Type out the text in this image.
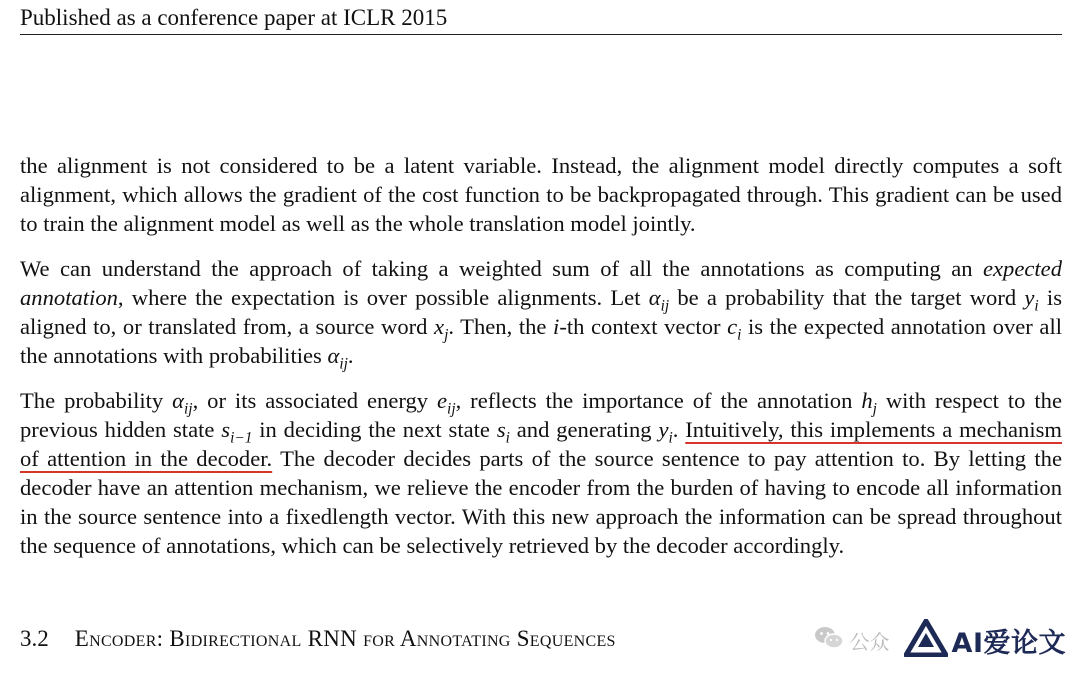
Published as a conference paper at ICLR 2015

the alignment is not considered to be a latent variable. Instead, the alignment model directly computes a soft alignment, which allows the gradient of the cost function to be backpropagated through. This gradient can be used to train the alignment model as well as the whole translation model jointly.

We can understand the approach of taking a weighted sum of all the annotations as computing an expected annotation, where the expectation is over possible alignments. Let $\alpha_{ij}$ be a probability that the target word $y_i$ is aligned to, or translated from, a source word $x_j$. Then, the i-th context vector $c_i$ is the expected annotation over all the annotations with probabilities $\alpha_{ij}$.

The probability $\alpha_{ij}$, or its associated energy $e_{ij}$, reflects the importance of the annotation $h_j$ with respect to the previous hidden state $s_{i-1}$ in deciding the next state $s_i$ and generating $y_i$. Intuitively, this implements a mechanism of attention in the decoder. The decoder decides parts of the source sentence to pay attention to. By letting the decoder have an attention mechanism, we relieve the encoder from the burden of having to encode all information in the source sentence into a fixedlength vector. With this new approach the information can be spread throughout the sequence of annotations, which can be selectively retrieved by the decoder accordingly.

3.2 Encoder: Bidirectional RNN for Annotating Sequences	公众 AI爱论文
